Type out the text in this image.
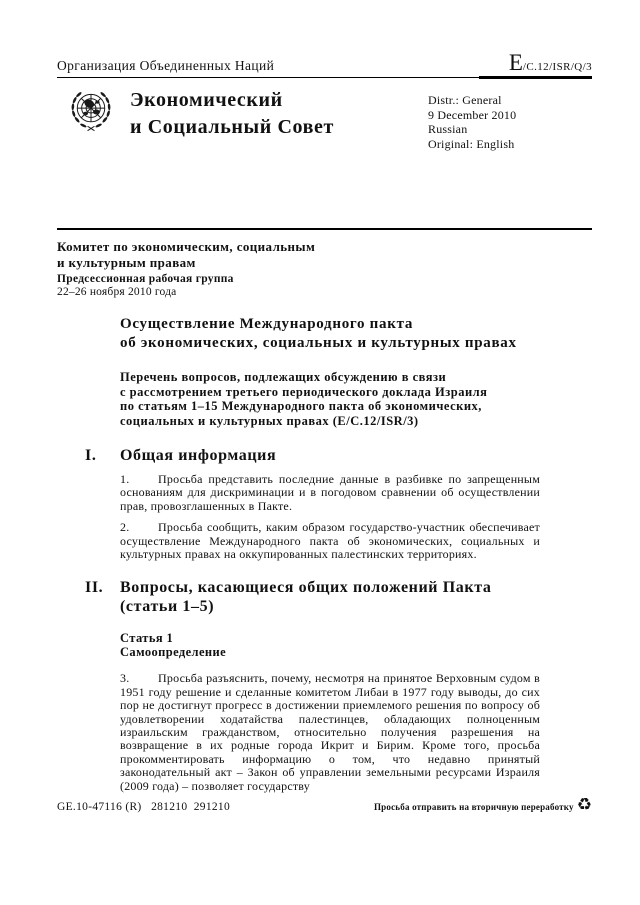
Организация Объединенных Наций	E/C.12/ISR/Q/3
Экономический
и Социальный Совет
Distr.: General
9 December 2010
Russian
Original: English
Комитет по экономическим, социальным
и культурным правам
Предсессионная рабочая группа
22–26 ноября 2010 года
Осуществление Международного пакта
об экономических, социальных и культурных правах
Перечень вопросов, подлежащих обсуждению в связи
с рассмотрением третьего периодического доклада Израиля
по статьям 1–15 Международного пакта об экономических,
социальных и культурных правах (E/C.12/ISR/3)
I. Общая информация

1. Просьба представить последние данные в разбивке по запрещенным основаниям для дискриминации и в погодовом сравнении об осуществлении прав, провозглашенных в Пакте.

2. Просьба сообщить, каким образом государство-участник обеспечивает осуществление Международного пакта об экономических, социальных и культурных правах на оккупированных палестинских территориях.

II. Вопросы, касающиеся общих положений Пакта
(статьи 1–5)
Статья 1
Самоопределение

3. Просьба разъяснить, почему, несмотря на принятое Верховным судом в 1951 году решение и сделанные комитетом Либаи в 1977 году выводы, до сих пор не достигнут прогресс в достижении приемлемого решения по вопросу об удовлетворении ходатайства палестинцев, обладающих полноценным израильским гражданством, относительно получения разрешения на возвращение в их родные города Икрит и Бирим. Кроме того, просьба прокомментировать информацию о том, что недавно принятый законодательный акт – Закон об управлении земельными ресурсами Израиля (2009 года) – позволяет государству

GE.10-47116 (R)   281210  291210	Просьба отправить на вторичную переработку ♻
